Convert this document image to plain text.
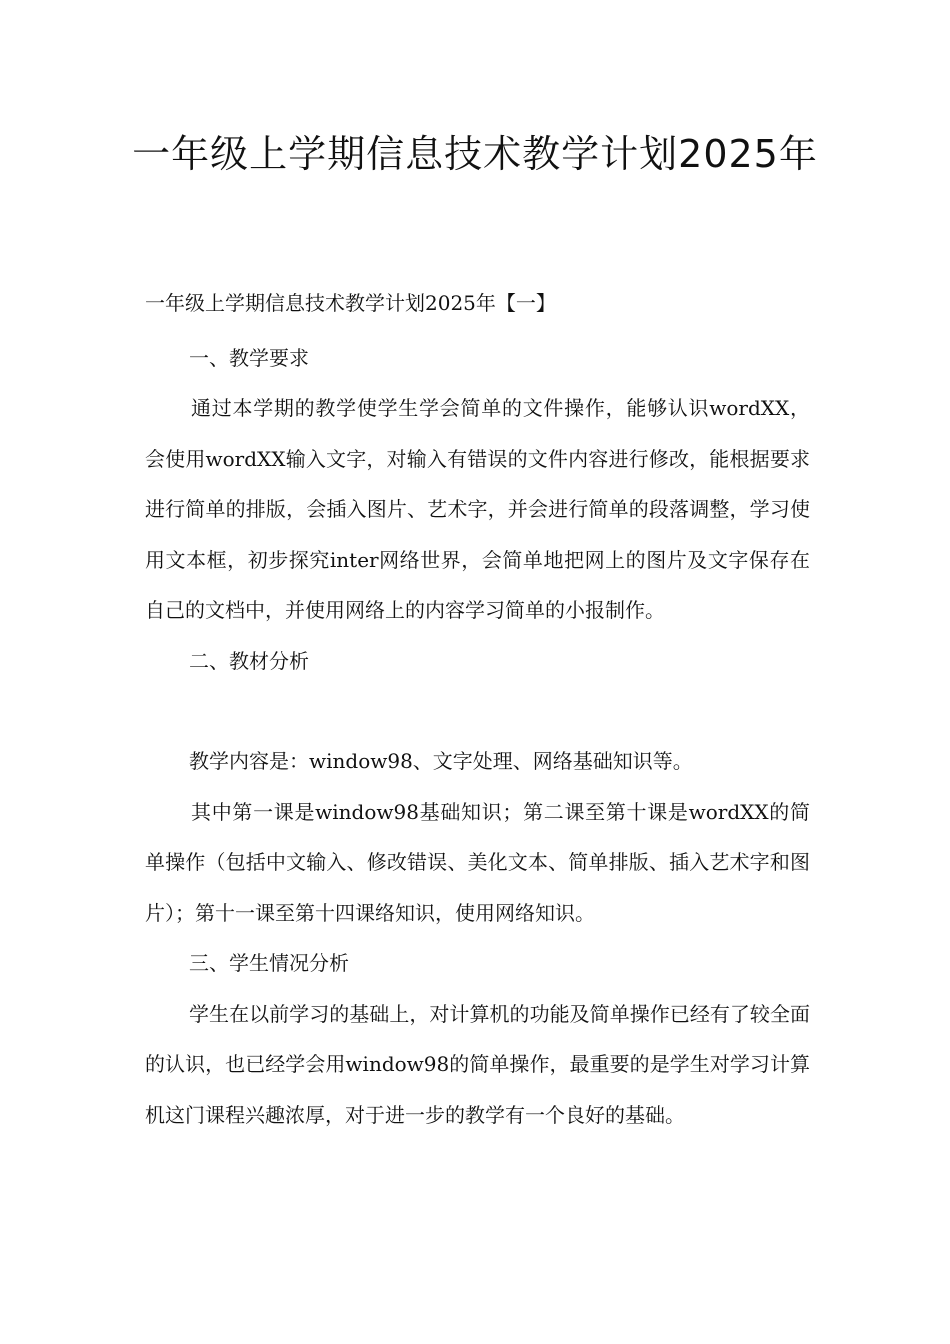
一年级上学期信息技术教学计划2025年

一年级上学期信息技术教学计划2025年【一】

一、教学要求

通过本学期的教学使学生学会简单的文件操作，能够认识wordXX，会使用wordXX输入文字，对输入有错误的文件内容进行修改，能根据要求进行简单的排版，会插入图片、艺术字，并会进行简单的段落调整，学习使用文本框，初步探究inter网络世界，会简单地把网上的图片及文字保存在自己的文档中，并使用网络上的内容学习简单的小报制作。

二、教材分析

教学内容是：window98、文字处理、网络基础知识等。

其中第一课是window98基础知识；第二课至第十课是wordXX的简单操作（包括中文输入、修改错误、美化文本、简单排版、插入艺术字和图片）；第十一课至第十四课络知识，使用网络知识。

三、学生情况分析

学生在以前学习的基础上，对计算机的功能及简单操作已经有了较全面的认识，也已经学会用window98的简单操作，最重要的是学生对学习计算机这门课程兴趣浓厚，对于进一步的教学有一个良好的基础。
